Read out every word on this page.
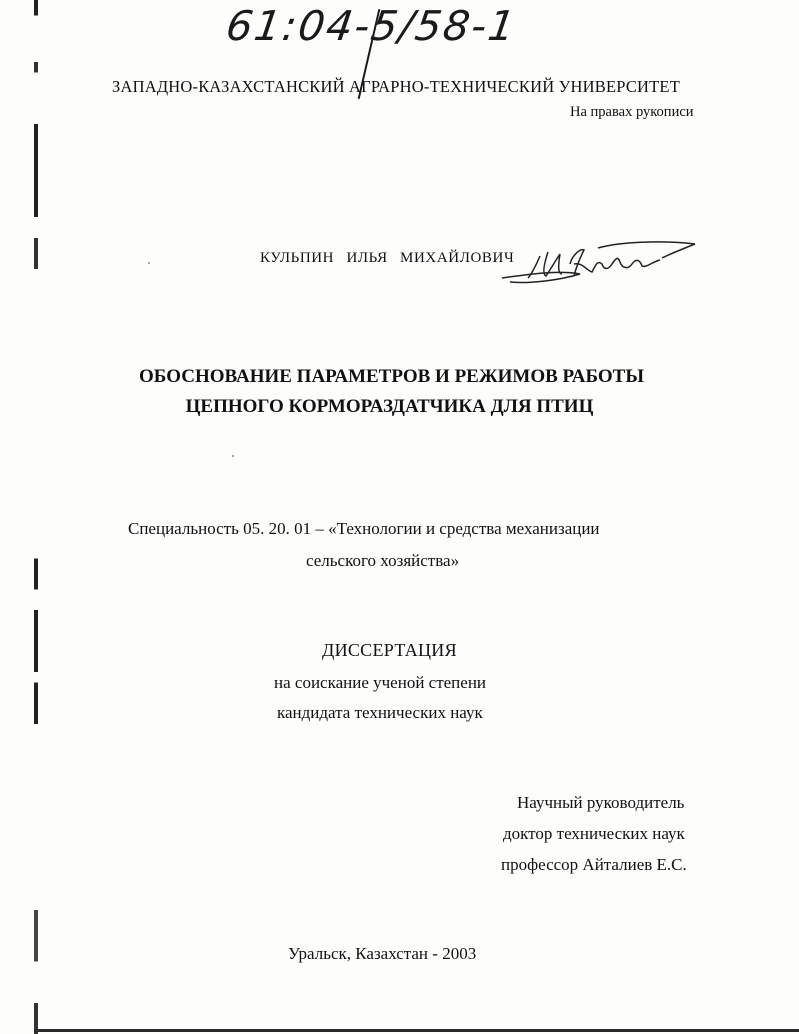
61:04-5/58-1
ЗАПАДНО-КАЗАХСТАНСКИЙ АГРАРНО-ТЕХНИЧЕСКИЙ УНИВЕРСИТЕТ
На правах рукописи
КУЛЬПИН ИЛЬЯ МИХАЙЛОВИЧ
ОБОСНОВАНИЕ ПАРАМЕТРОВ И РЕЖИМОВ РАБОТЫ
ЦЕПНОГО КОРМОРАЗДАТЧИКА ДЛЯ ПТИЦ
Специальность 05. 20. 01 – «Технологии и средства механизации
сельского хозяйства»
ДИССЕРТАЦИЯ
на соискание ученой степени
кандидата технических наук
Научный руководитель
доктор технических наук
профессор Айталиев Е.С.
Уральск, Казахстан - 2003
